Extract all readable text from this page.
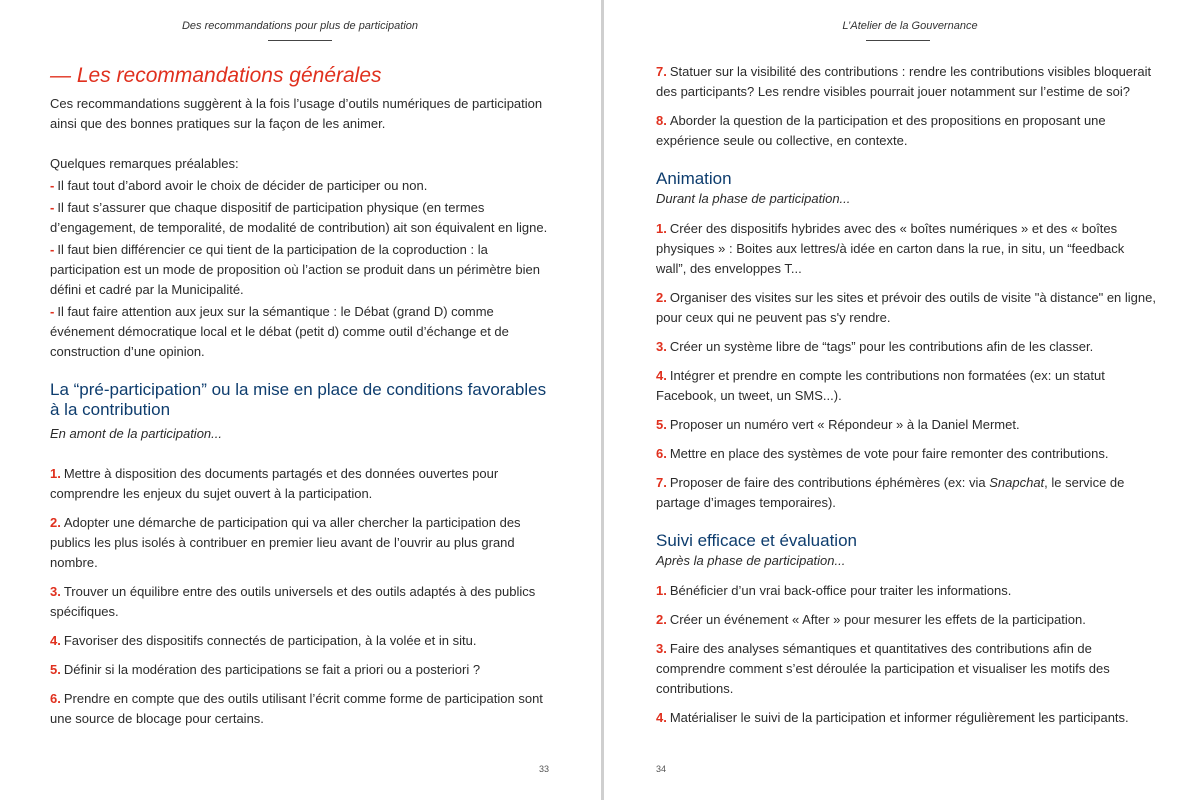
Des recommandations pour plus de participation
— Les recommandations générales

Ces recommandations suggèrent à la fois l’usage d’outils numériques de participation ainsi que des bonnes pratiques sur la façon de les animer.

Quelques remarques préalables:
- Il faut tout d’abord avoir le choix de décider de participer ou non.
- Il faut s’assurer que chaque dispositif de participation physique (en termes d’engagement, de temporalité, de modalité de contribution) ait son équivalent en ligne.
- Il faut bien différencier ce qui tient de la participation de la coproduction : la participation est un mode de proposition où l’action se produit dans un périmètre bien défini et cadré par la Municipalité.
- Il faut faire attention aux jeux sur la sémantique : le Débat (grand D) comme événement démocratique local et le débat (petit d) comme outil d’échange et de construction d’une opinion.
La “pré-participation” ou la mise en place de conditions favorables à la contribution
En amont de la participation...
1. Mettre à disposition des documents partagés et des données ouvertes pour comprendre les enjeux du sujet ouvert à la participation.
2. Adopter une démarche de participation qui va aller chercher la participation des publics les plus isolés à contribuer en premier lieu avant de l’ouvrir au plus grand nombre.
3. Trouver un équilibre entre des outils universels et des outils adaptés à des publics spécifiques.
4. Favoriser des dispositifs connectés de participation, à la volée et in situ.
5. Définir si la modération des participations se fait a priori ou a posteriori ?
6. Prendre en compte que des outils utilisant l’écrit comme forme de participation sont une source de blocage pour certains.
33
L’Atelier de la Gouvernance
7. Statuer sur la visibilité des contributions : rendre les contributions visibles bloquerait des participants? Les rendre visibles pourrait jouer notamment sur l’estime de soi?
8. Aborder la question de la participation et des propositions en proposant une expérience seule ou collective, en contexte.
Animation
Durant la phase de participation...
1. Créer des dispositifs hybrides avec des « boîtes numériques » et des « boîtes physiques » : Boites aux lettres/à idée en carton dans la rue, in situ, un “feedback wall”, des enveloppes T...
2. Organiser des visites sur les sites et prévoir des outils de visite "à distance" en ligne, pour ceux qui ne peuvent pas s'y rendre.
3. Créer un système libre de “tags” pour les contributions afin de les classer.
4. Intégrer et prendre en compte les contributions non formatées (ex: un statut Facebook, un tweet, un SMS...).
5. Proposer un numéro vert « Répondeur » à la Daniel Mermet.
6. Mettre en place des systèmes de vote pour faire remonter des contributions.
7. Proposer de faire des contributions éphémères (ex: via Snapchat, le service de partage d’images temporaires).
Suivi efficace et évaluation
Après la phase de participation...
1. Bénéficier d’un vrai back-office pour traiter les informations.
2. Créer un événement « After » pour mesurer les effets de la participation.
3. Faire des analyses sémantiques et quantitatives des contributions afin de comprendre comment s’est déroulée la participation et visualiser les motifs des contributions.
4. Matérialiser le suivi de la participation et informer régulièrement les participants.
34
